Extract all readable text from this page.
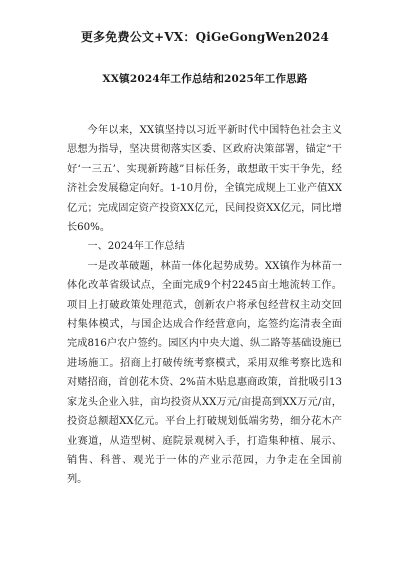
更多免费公文+VX：QiGeGongWen2024
XX镇2024年工作总结和2025年工作思路

今年以来，XX镇坚持以习近平新时代中国特色社会主义思想为指导，坚决贯彻落实区委、区政府决策部署，锚定“干好‘一三五’、实现新跨越”目标任务，敢想敢干实干争先，经济社会发展稳定向好。1-10月份，全镇完成规上工业产值XX亿元；完成固定资产投资XX亿元，民间投资XX亿元，同比增长60%。

一、2024年工作总结

一是改革破题，林苗一体化起势成势。XX镇作为林苗一体化改革省级试点，全面完成9个村2245亩土地流转工作。项目上打破政策处理范式，创新农户将承包经营权主动交回村集体模式，与国企达成合作经营意向，迄签约迄清表全面完成816户农户签约。园区内中央大道、纵二路等基础设施已进场施工。招商上打破传统考察模式，采用双维考察比选和对赌招商，首创花木贷、2%苗木贴息惠商政策，首批吸引13家龙头企业入驻，亩均投资从XX万元/亩提高到XX万元/亩，投资总额超XX亿元。平台上打破规划低端劣势，细分花木产业赛道，从造型树、庭院景观树入手，打造集种植、展示、销售、科普、观光于一体的产业示范园，力争走在全国前列。
